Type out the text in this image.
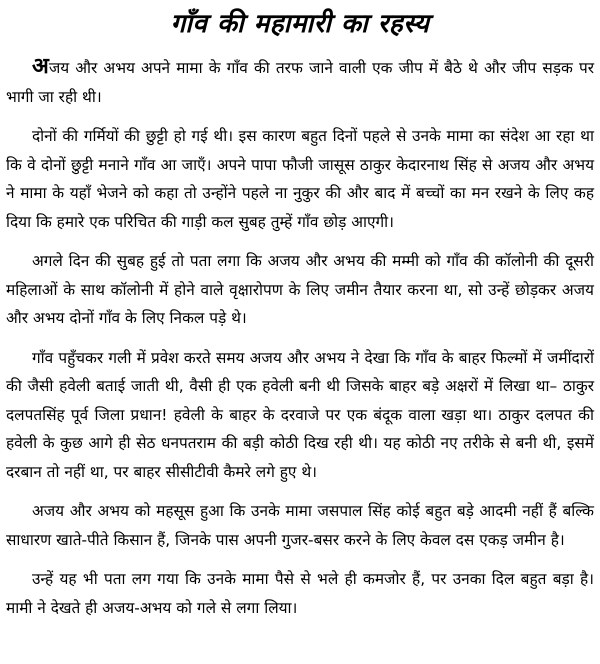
गाँव की महामारी का रहस्य

अजय और अभय अपने मामा के गाँव की तरफ जाने वाली एक जीप में बैठे थे और जीप सड़क पर भागी जा रही थी।

दोनों की गर्मियों की छुट्टी हो गई थी। इस कारण बहुत दिनों पहले से उनके मामा का संदेश आ रहा था कि वे दोनों छुट्टी मनाने गाँव आ जाएँ। अपने पापा फौजी जासूस ठाकुर केदारनाथ सिंह से अजय और अभय ने मामा के यहाँ भेजने को कहा तो उन्होंने पहले ना नुकुर की और बाद में बच्चों का मन रखने के लिए कह दिया कि हमारे एक परिचित की गाड़ी कल सुबह तुम्हें गाँव छोड़ आएगी।

अगले दिन की सुबह हुई तो पता लगा कि अजय और अभय की मम्मी को गाँव की कॉलोनी की दूसरी महिलाओं के साथ कॉलोनी में होने वाले वृक्षारोपण के लिए जमीन तैयार करना था, सो उन्हें छोड़कर अजय और अभय दोनों गाँव के लिए निकल पड़े थे।

गाँव पहुँचकर गली में प्रवेश करते समय अजय और अभय ने देखा कि गाँव के बाहर फिल्मों में जमींदारों की जैसी हवेली बताई जाती थी, वैसी ही एक हवेली बनी थी जिसके बाहर बड़े अक्षरों में लिखा था– ठाकुर दलपतसिंह पूर्व जिला प्रधान! हवेली के बाहर के दरवाजे पर एक बंदूक वाला खड़ा था। ठाकुर दलपत की हवेली के कुछ आगे ही सेठ धनपतराम की बड़ी कोठी दिख रही थी। यह कोठी नए तरीके से बनी थी, इसमें दरबान तो नहीं था, पर बाहर सीसीटीवी कैमरे लगे हुए थे।

अजय और अभय को महसूस हुआ कि उनके मामा जसपाल सिंह कोई बहुत बड़े आदमी नहीं हैं बल्कि साधारण खाते-पीते किसान हैं, जिनके पास अपनी गुजर-बसर करने के लिए केवल दस एकड़ जमीन है।

उन्हें यह भी पता लग गया कि उनके मामा पैसे से भले ही कमजोर हैं, पर उनका दिल बहुत बड़ा है। मामी ने देखते ही अजय-अभय को गले से लगा लिया।
